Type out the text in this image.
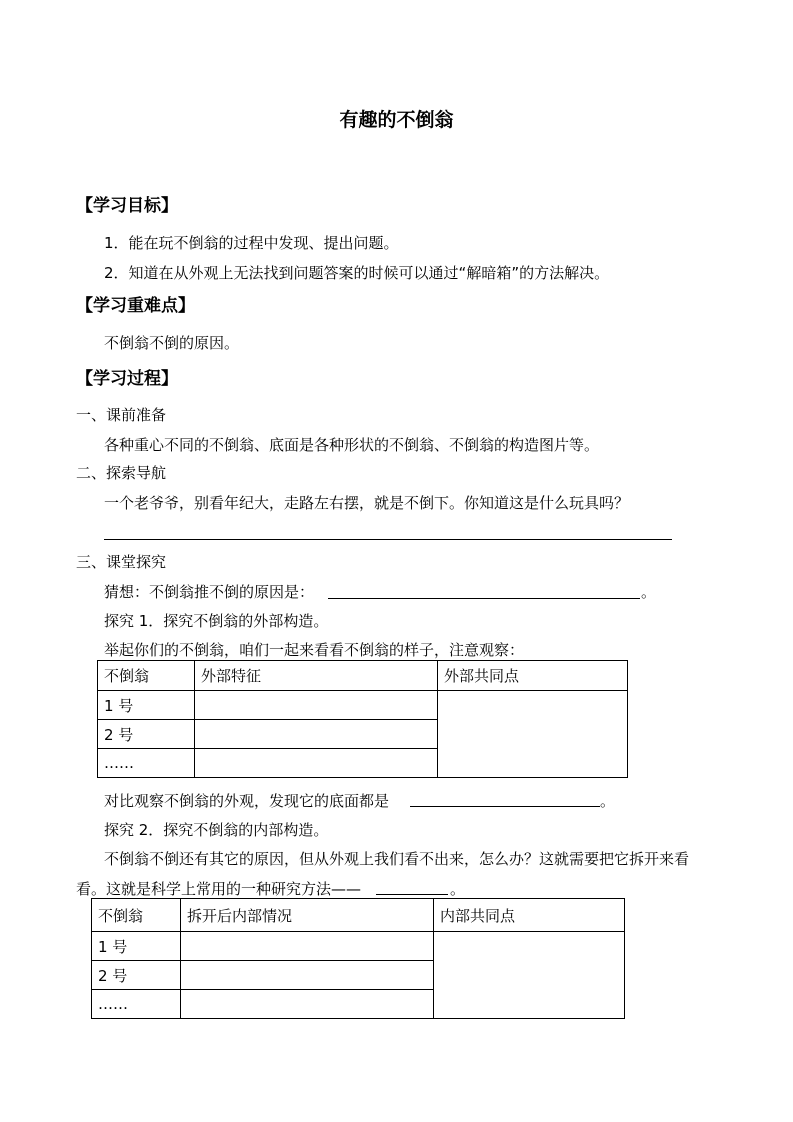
有趣的不倒翁
【学习目标】
1．能在玩不倒翁的过程中发现、提出问题。
2．知道在从外观上无法找到问题答案的时候可以通过“解暗箱”的方法解决。
【学习重难点】
不倒翁不倒的原因。
【学习过程】
一、课前准备
各种重心不同的不倒翁、底面是各种形状的不倒翁、不倒翁的构造图片等。
二、探索导航
一个老爷爷，别看年纪大，走路左右摆，就是不倒下。你知道这是什么玩具吗？
三、课堂探究
猜想：不倒翁推不倒的原因是：	。
探究 1．探究不倒翁的外部构造。
举起你们的不倒翁，咱们一起来看看不倒翁的样子，注意观察：
不倒翁	外部特征	外部共同点
1 号		
2 号		
……		
对比观察不倒翁的外观，发现它的底面都是	。
探究 2．探究不倒翁的内部构造。
不倒翁不倒还有其它的原因，但从外观上我们看不出来，怎么办？这就需要把它拆开来看
看。这就是科学上常用的一种研究方法——	。
不倒翁	拆开后内部情况	内部共同点
1 号		
2 号		
……		
